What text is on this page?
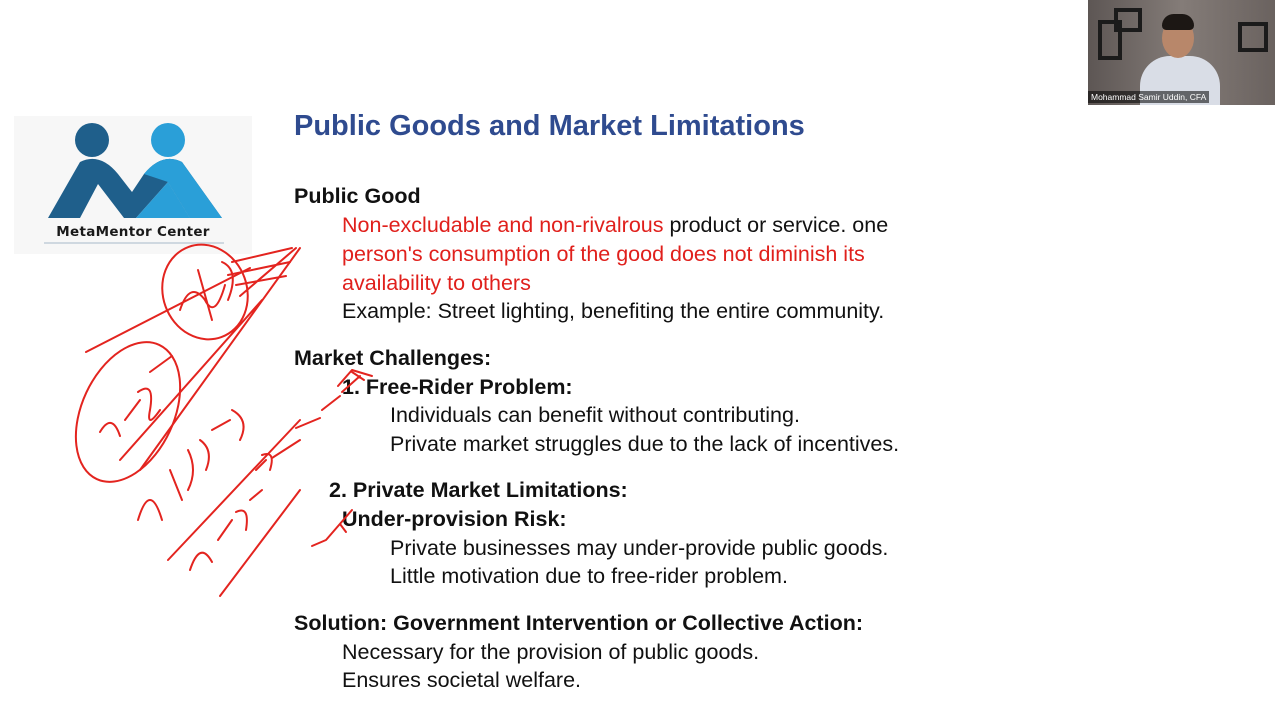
MetaMentor Center
Public Goods and Market Limitations
Public Good
Non-excludable and non-rivalrous product or service. one
person's consumption of the good does not diminish its
availability to others
Example: Street lighting, benefiting the entire community.
Market Challenges:
1. Free-Rider Problem:
Individuals can benefit without contributing.
Private market struggles due to the lack of incentives.
2. Private Market Limitations:
Under-provision Risk:
Private businesses may under-provide public goods.
Little motivation due to free-rider problem.
Solution: Government Intervention or Collective Action:
Necessary for the provision of public goods.
Ensures societal welfare.
Mohammad Samir Uddin, CFA
